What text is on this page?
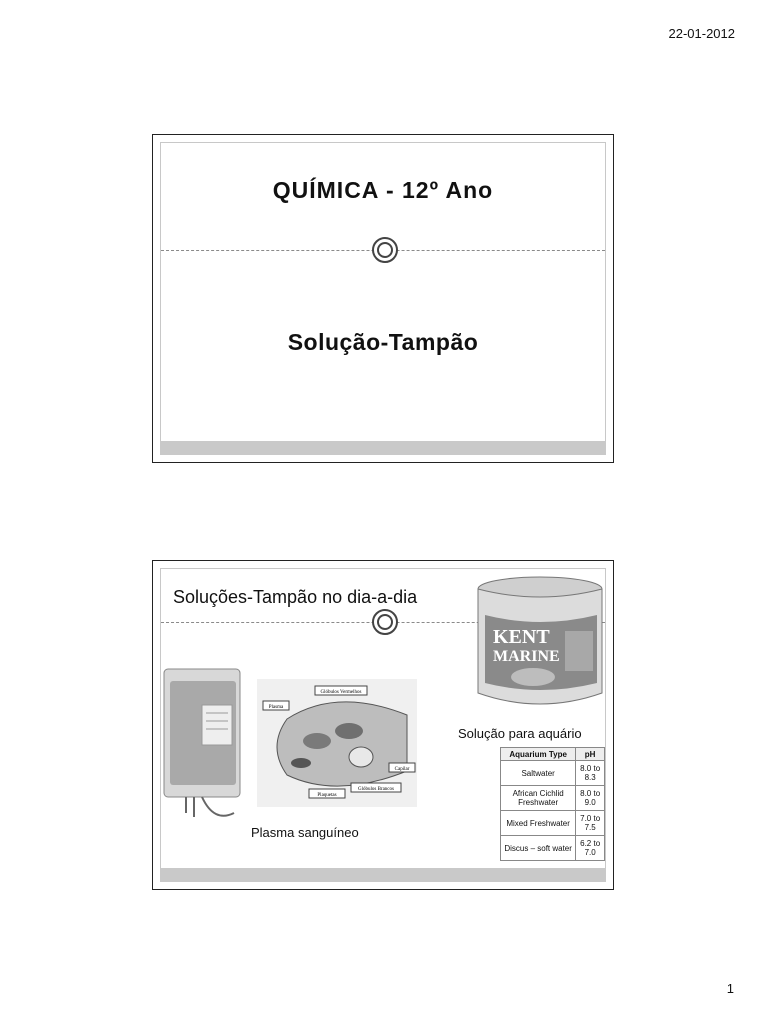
22-01-2012
QUÍMICA - 12º Ano
Solução-Tampão
Soluções-Tampão no dia-a-dia
KENT
MARINE
Solução para aquário
Aquarium Type	pH
Saltwater	8.0 to 8.3
African Cichlid Freshwater	8.0 to 9.0
Mixed Freshwater	7.0 to 7.5
Discus – soft water	6.2 to 7.0
Glóbulos Vermelhos
Plasma
Capilar
Plaquetas
Glóbulos Brancos
Plasma sanguíneo
1
